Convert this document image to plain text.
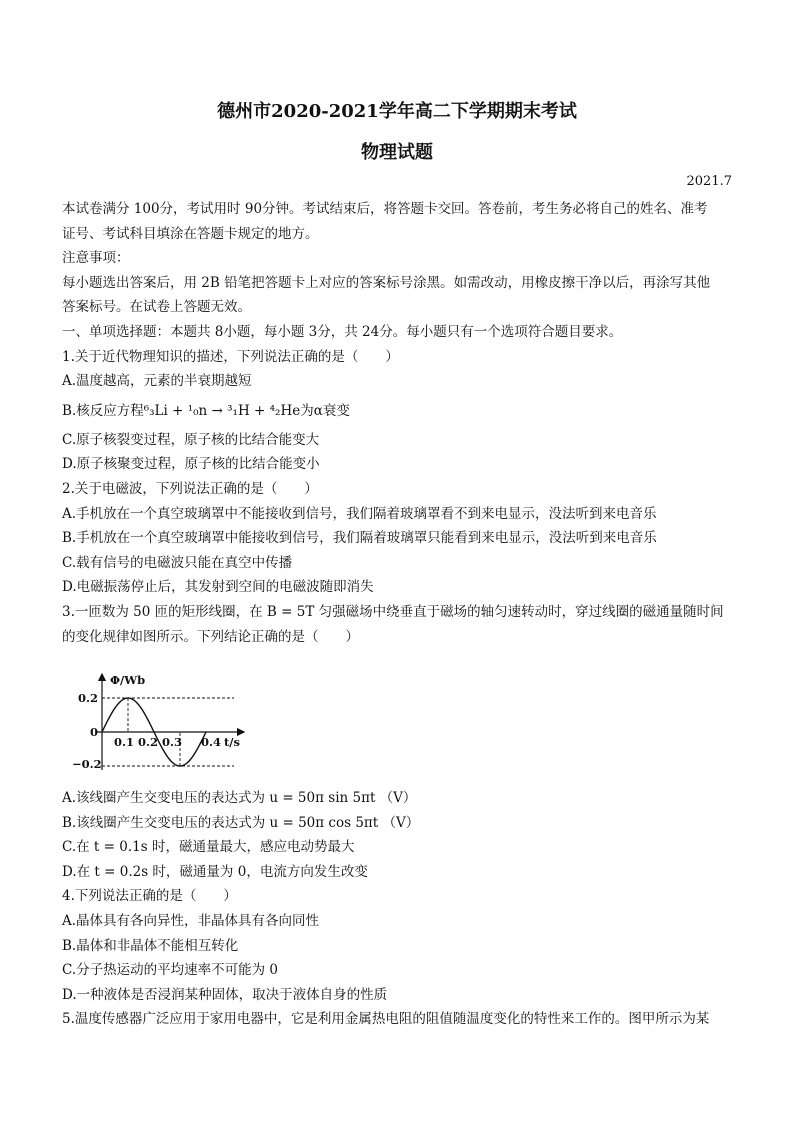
德州市2020-2021学年高二下学期期末考试
物理试题
2021.7
本试卷满分 100分，考试用时 90分钟。考试结束后，将答题卡交回。答卷前，考生务必将自己的姓名、准考
证号、考试科目填涂在答题卡规定的地方。
注意事项：
每小题选出答案后，用 2B 铅笔把答题卡上对应的答案标号涂黑。如需改动，用橡皮擦干净以后，再涂写其他
答案标号。在试卷上答题无效。
一、单项选择题：本题共 8小题，每小题 3分，共 24分。每小题只有一个选项符合题目要求。
1.关于近代物理知识的描述，下列说法正确的是（　　）
A.温度越高，元素的半衰期越短
B.核反应方程⁶₃Li + ¹₀n → ³₁H + ⁴₂He为α衰变
C.原子核裂变过程，原子核的比结合能变大
D.原子核聚变过程，原子核的比结合能变小
2.关于电磁波，下列说法正确的是（　　）
A.手机放在一个真空玻璃罩中不能接收到信号，我们隔着玻璃罩看不到来电显示，没法听到来电音乐
B.手机放在一个真空玻璃罩中能接收到信号，我们隔着玻璃罩只能看到来电显示，没法听到来电音乐
C.载有信号的电磁波只能在真空中传播
D.电磁振荡停止后，其发射到空间的电磁波随即消失
3.一匝数为 50 匝的矩形线圈，在 B = 5T 匀强磁场中绕垂直于磁场的轴匀速转动时，穿过线圈的磁通量随时间
的变化规律如图所示。下列结论正确的是（　　）
Φ/Wb
t/s
0.2
0
−0.2
0.1 0.2 0.3 0.4
A.该线圈产生交变电压的表达式为 u = 50π sin 5πt （V）
B.该线圈产生交变电压的表达式为 u = 50π cos 5πt （V）
C.在 t = 0.1s 时，磁通量最大，感应电动势最大
D.在 t = 0.2s 时，磁通量为 0，电流方向发生改变
4.下列说法正确的是（　　）
A.晶体具有各向异性，非晶体具有各向同性
B.晶体和非晶体不能相互转化
C.分子热运动的平均速率不可能为 0
D.一种液体是否浸润某种固体，取决于液体自身的性质
5.温度传感器广泛应用于家用电器中，它是利用金属热电阻的阻值随温度变化的特性来工作的。图甲所示为某
